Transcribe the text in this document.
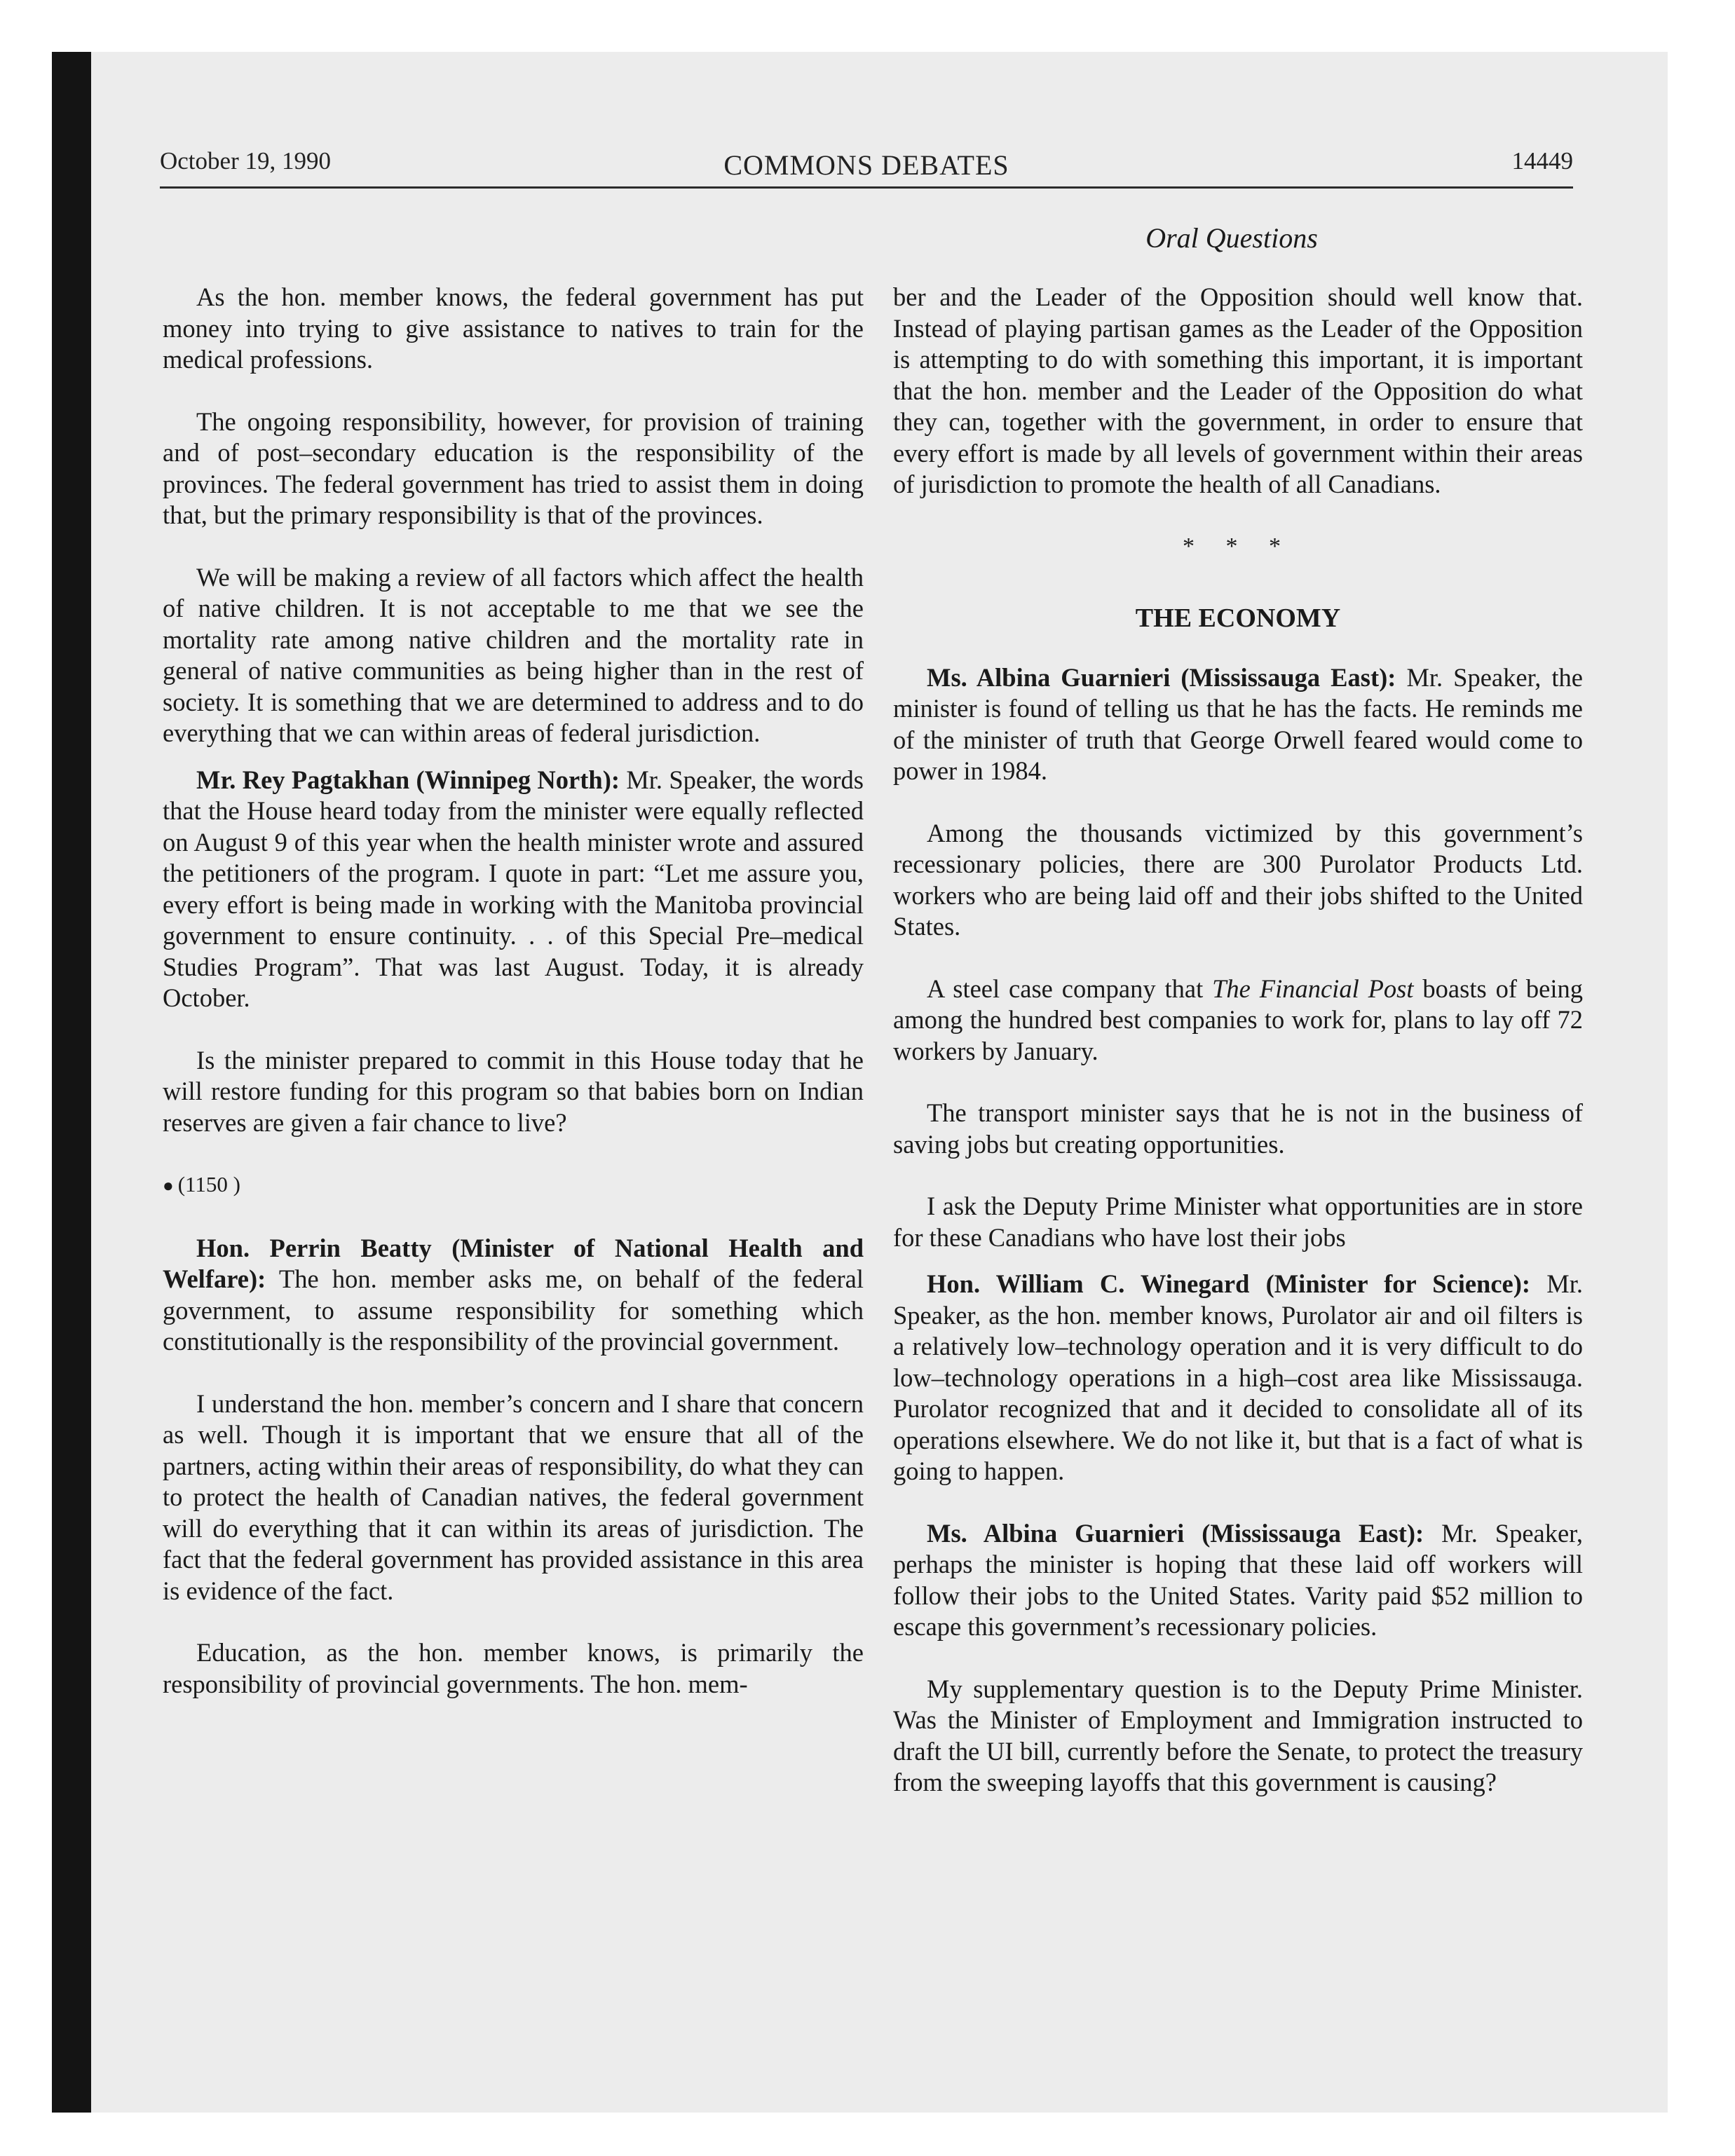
October 19, 1990	COMMONS DEBATES	14449
Oral Questions

As the hon. member knows, the federal government has put money into trying to give assistance to natives to train for the medical professions.

The ongoing responsibility, however, for provision of training and of post–secondary education is the responsibility of the provinces. The federal government has tried to assist them in doing that, but the primary responsibility is that of the provinces.

We will be making a review of all factors which affect the health of native children. It is not acceptable to me that we see the mortality rate among native children and the mortality rate in general of native communities as being higher than in the rest of society. It is something that we are determined to address and to do everything that we can within areas of federal jurisdiction.

Mr. Rey Pagtakhan (Winnipeg North): Mr. Speaker, the words that the House heard today from the minister were equally reflected on August 9 of this year when the health minister wrote and assured the petitioners of the program. I quote in part: “Let me assure you, every effort is being made in working with the Manitoba provincial government to ensure continuity. . . of this Special Pre–medical Studies Program”. That was last August. Today, it is already October.

Is the minister prepared to commit in this House today that he will restore funding for this program so that babies born on Indian reserves are given a fair chance to live?

● (1150 )

Hon. Perrin Beatty (Minister of National Health and Welfare): The hon. member asks me, on behalf of the federal government, to assume responsibility for something which constitutionally is the responsibility of the provincial government.

I understand the hon. member’s concern and I share that concern as well. Though it is important that we ensure that all of the partners, acting within their areas of responsibility, do what they can to protect the health of Canadian natives, the federal government will do everything that it can within its areas of jurisdiction. The fact that the federal government has provided assistance in this area is evidence of the fact.

Education, as the hon. member knows, is primarily the responsibility of provincial governments. The hon. mem-

ber and the Leader of the Opposition should well know that. Instead of playing partisan games as the Leader of the Opposition is attempting to do with something this important, it is important that the hon. member and the Leader of the Opposition do what they can, together with the government, in order to ensure that every effort is made by all levels of government within their areas of jurisdiction to promote the health of all Canadians.

* * *
THE ECONOMY

Ms. Albina Guarnieri (Mississauga East): Mr. Speaker, the minister is found of telling us that he has the facts. He reminds me of the minister of truth that George Orwell feared would come to power in 1984.

Among the thousands victimized by this government’s recessionary policies, there are 300 Purolator Products Ltd. workers who are being laid off and their jobs shifted to the United States.

A steel case company that The Financial Post boasts of being among the hundred best companies to work for, plans to lay off 72 workers by January.

The transport minister says that he is not in the business of saving jobs but creating opportunities.

I ask the Deputy Prime Minister what opportunities are in store for these Canadians who have lost their jobs

Hon. William C. Winegard (Minister for Science): Mr. Speaker, as the hon. member knows, Purolator air and oil filters is a relatively low–technology operation and it is very difficult to do low–technology operations in a high–cost area like Mississauga. Purolator recognized that and it decided to consolidate all of its operations elsewhere. We do not like it, but that is a fact of what is going to happen.

Ms. Albina Guarnieri (Mississauga East): Mr. Speaker, perhaps the minister is hoping that these laid off workers will follow their jobs to the United States. Varity paid $52 million to escape this government’s recessionary policies.

My supplementary question is to the Deputy Prime Minister. Was the Minister of Employment and Immigration instructed to draft the UI bill, currently before the Senate, to protect the treasury from the sweeping layoffs that this government is causing?
